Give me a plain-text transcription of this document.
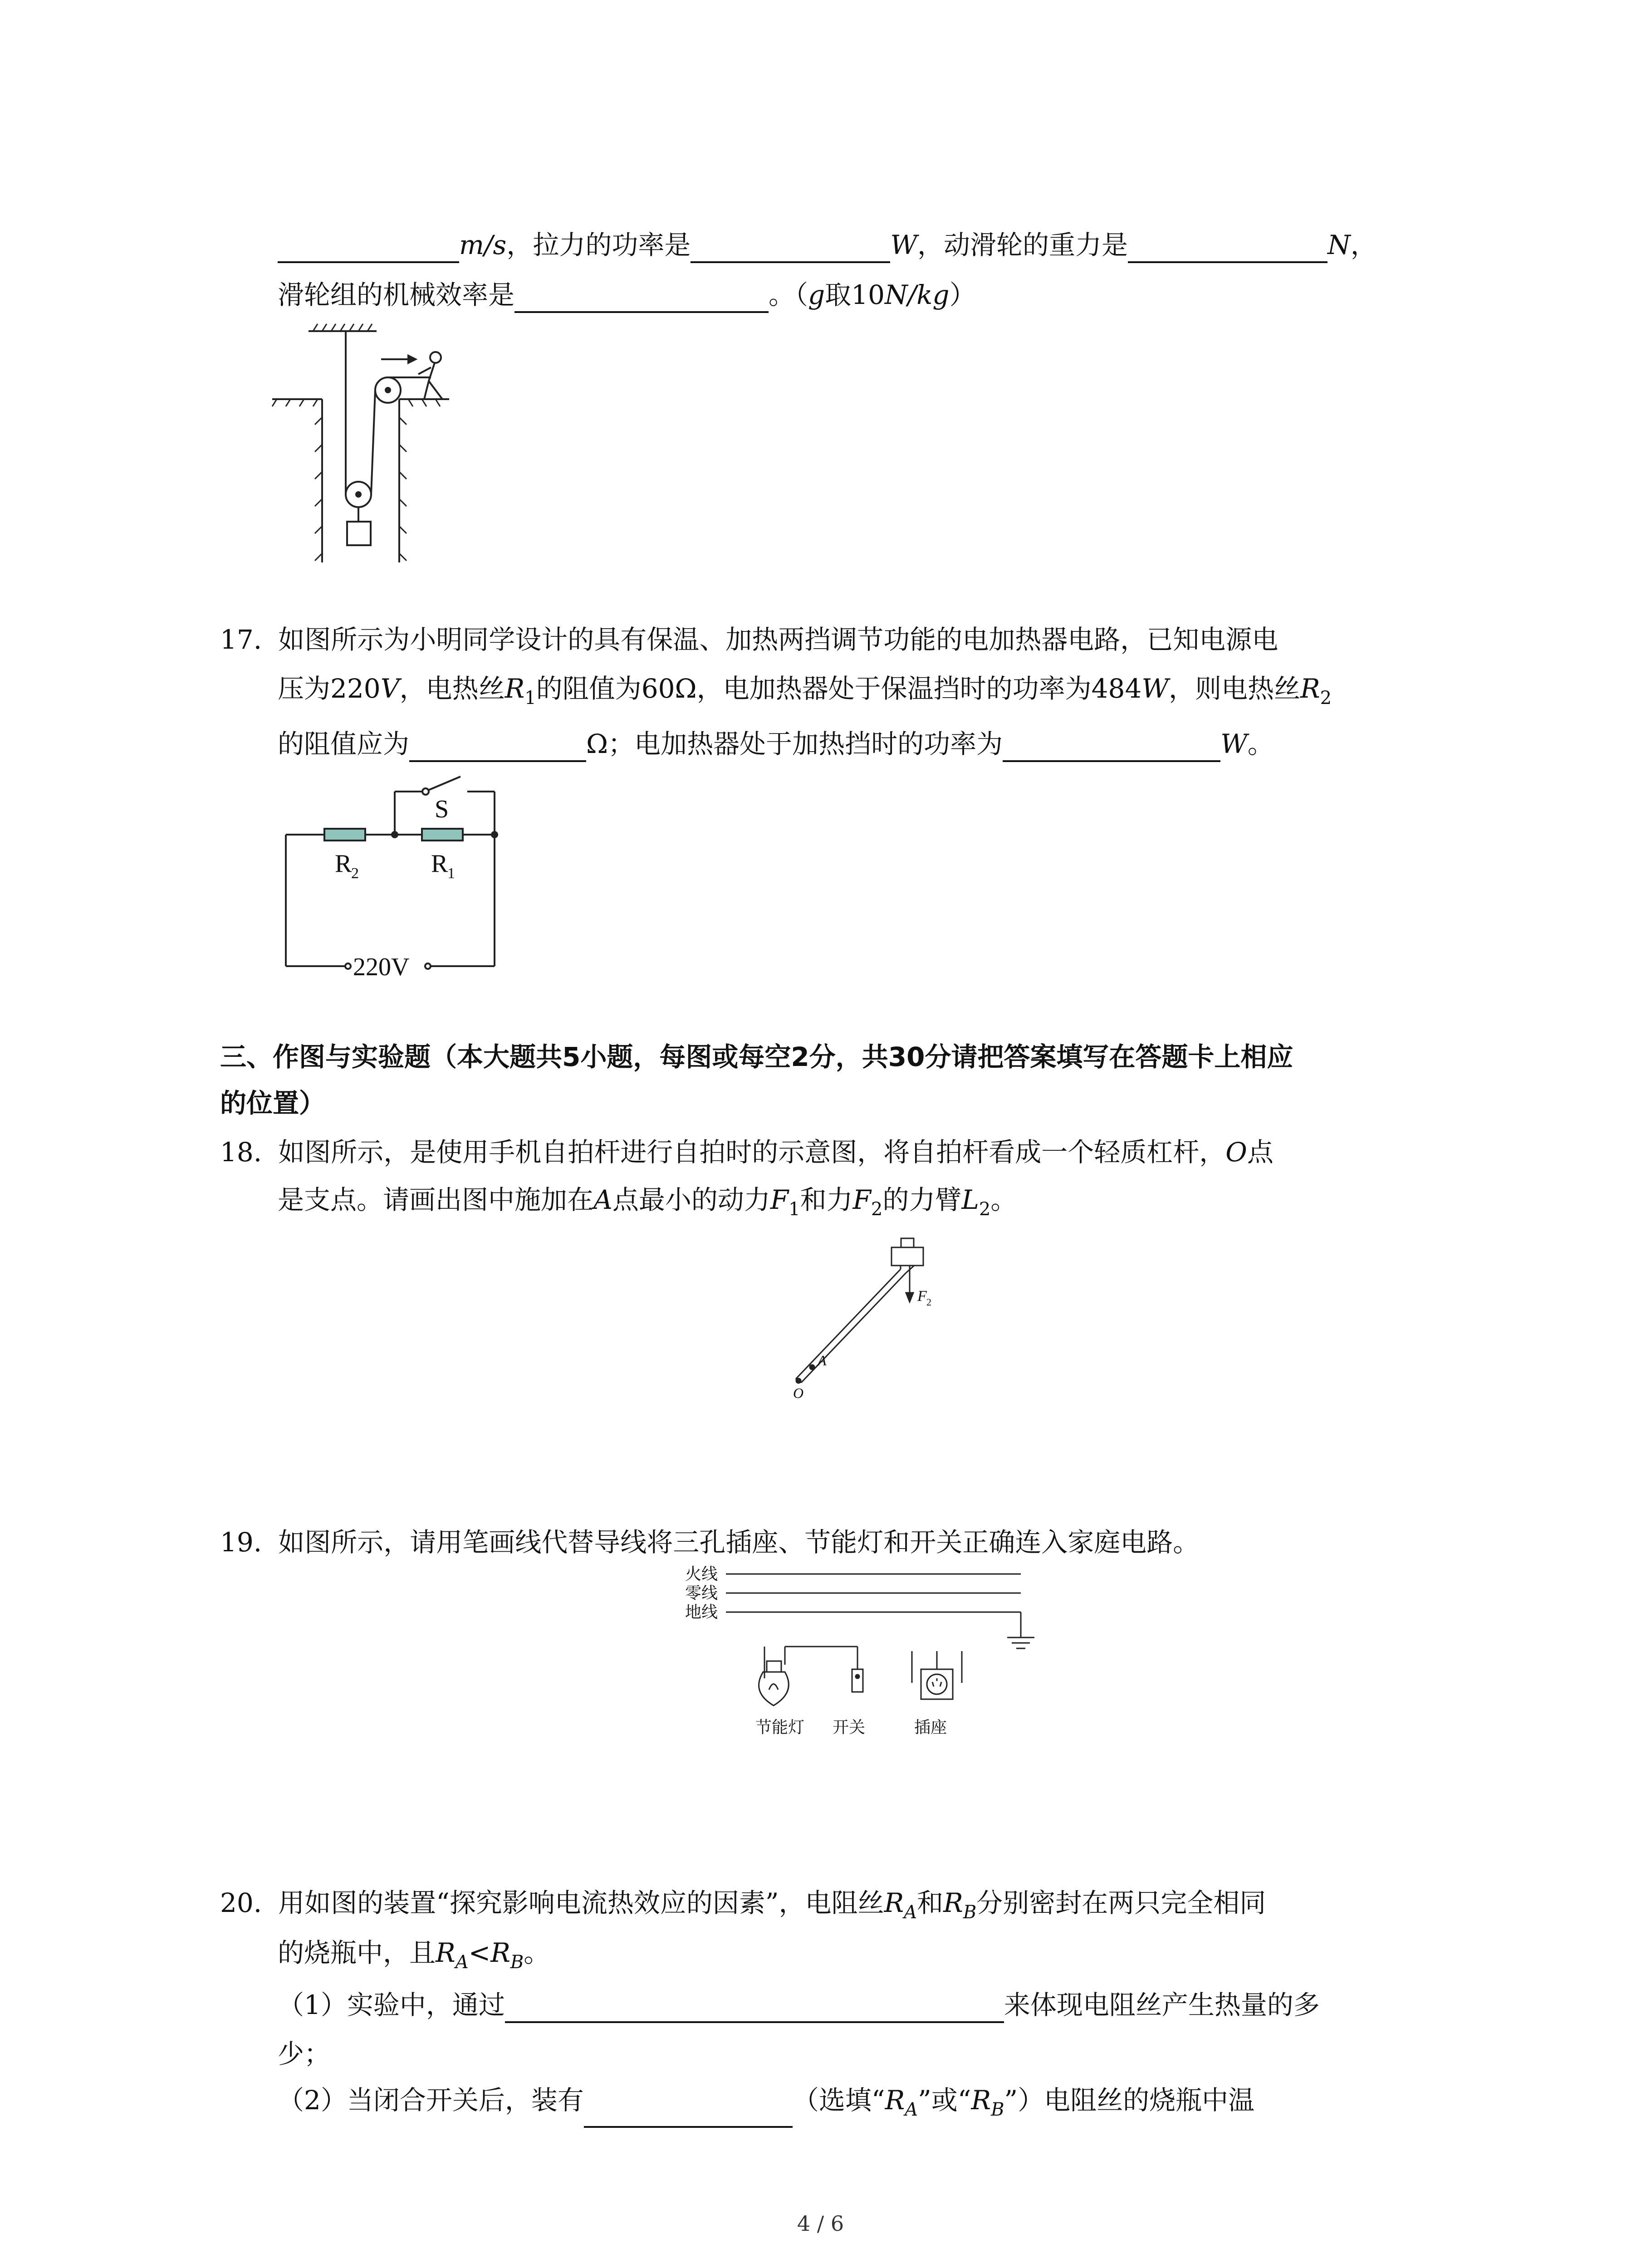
m/s，拉力的功率是	W，动滑轮的重力是	N，
滑轮组的机械效率是	。（g取10N/kg）
17. 如图所示为小明同学设计的具有保温、加热两挡调节功能的电加热器电路，已知电源电
压为220V，电热丝$R_1$的阻值为60Ω，电加热器处于保温挡时的功率为484W，则电热丝$R_2$
的阻值应为	Ω；电加热器处于加热挡时的功率为	W。
S
R
2	R
1
220V
三、作图与实验题（本大题共5小题，每图或每空2分，共30分请把答案填写在答题卡上相应
的位置）
18. 如图所示，是使用手机自拍杆进行自拍时的示意图，将自拍杆看成一个轻质杠杆，O点
是支点。请画出图中施加在A点最小的动力$F_1$和力$F_2$的力臂$L_2$。
F 2
A
O
19. 如图所示，请用笔画线代替导线将三孔插座、节能灯和开关正确连入家庭电路。
火线
零线
地线
节能灯 开关	插座
20. 用如图的装置“探究影响电流热效应的因素”，电阻丝$R_A$和$R_B$分别密封在两只完全相同
的烧瓶中，且$R_A<R_B$。
（1）实验中，通过	来体现电阻丝产生热量的多
少；
（2）当闭合开关后，装有	（选填“$R_A$”或“$R_B$”）电阻丝的烧瓶中温
4 / 6
